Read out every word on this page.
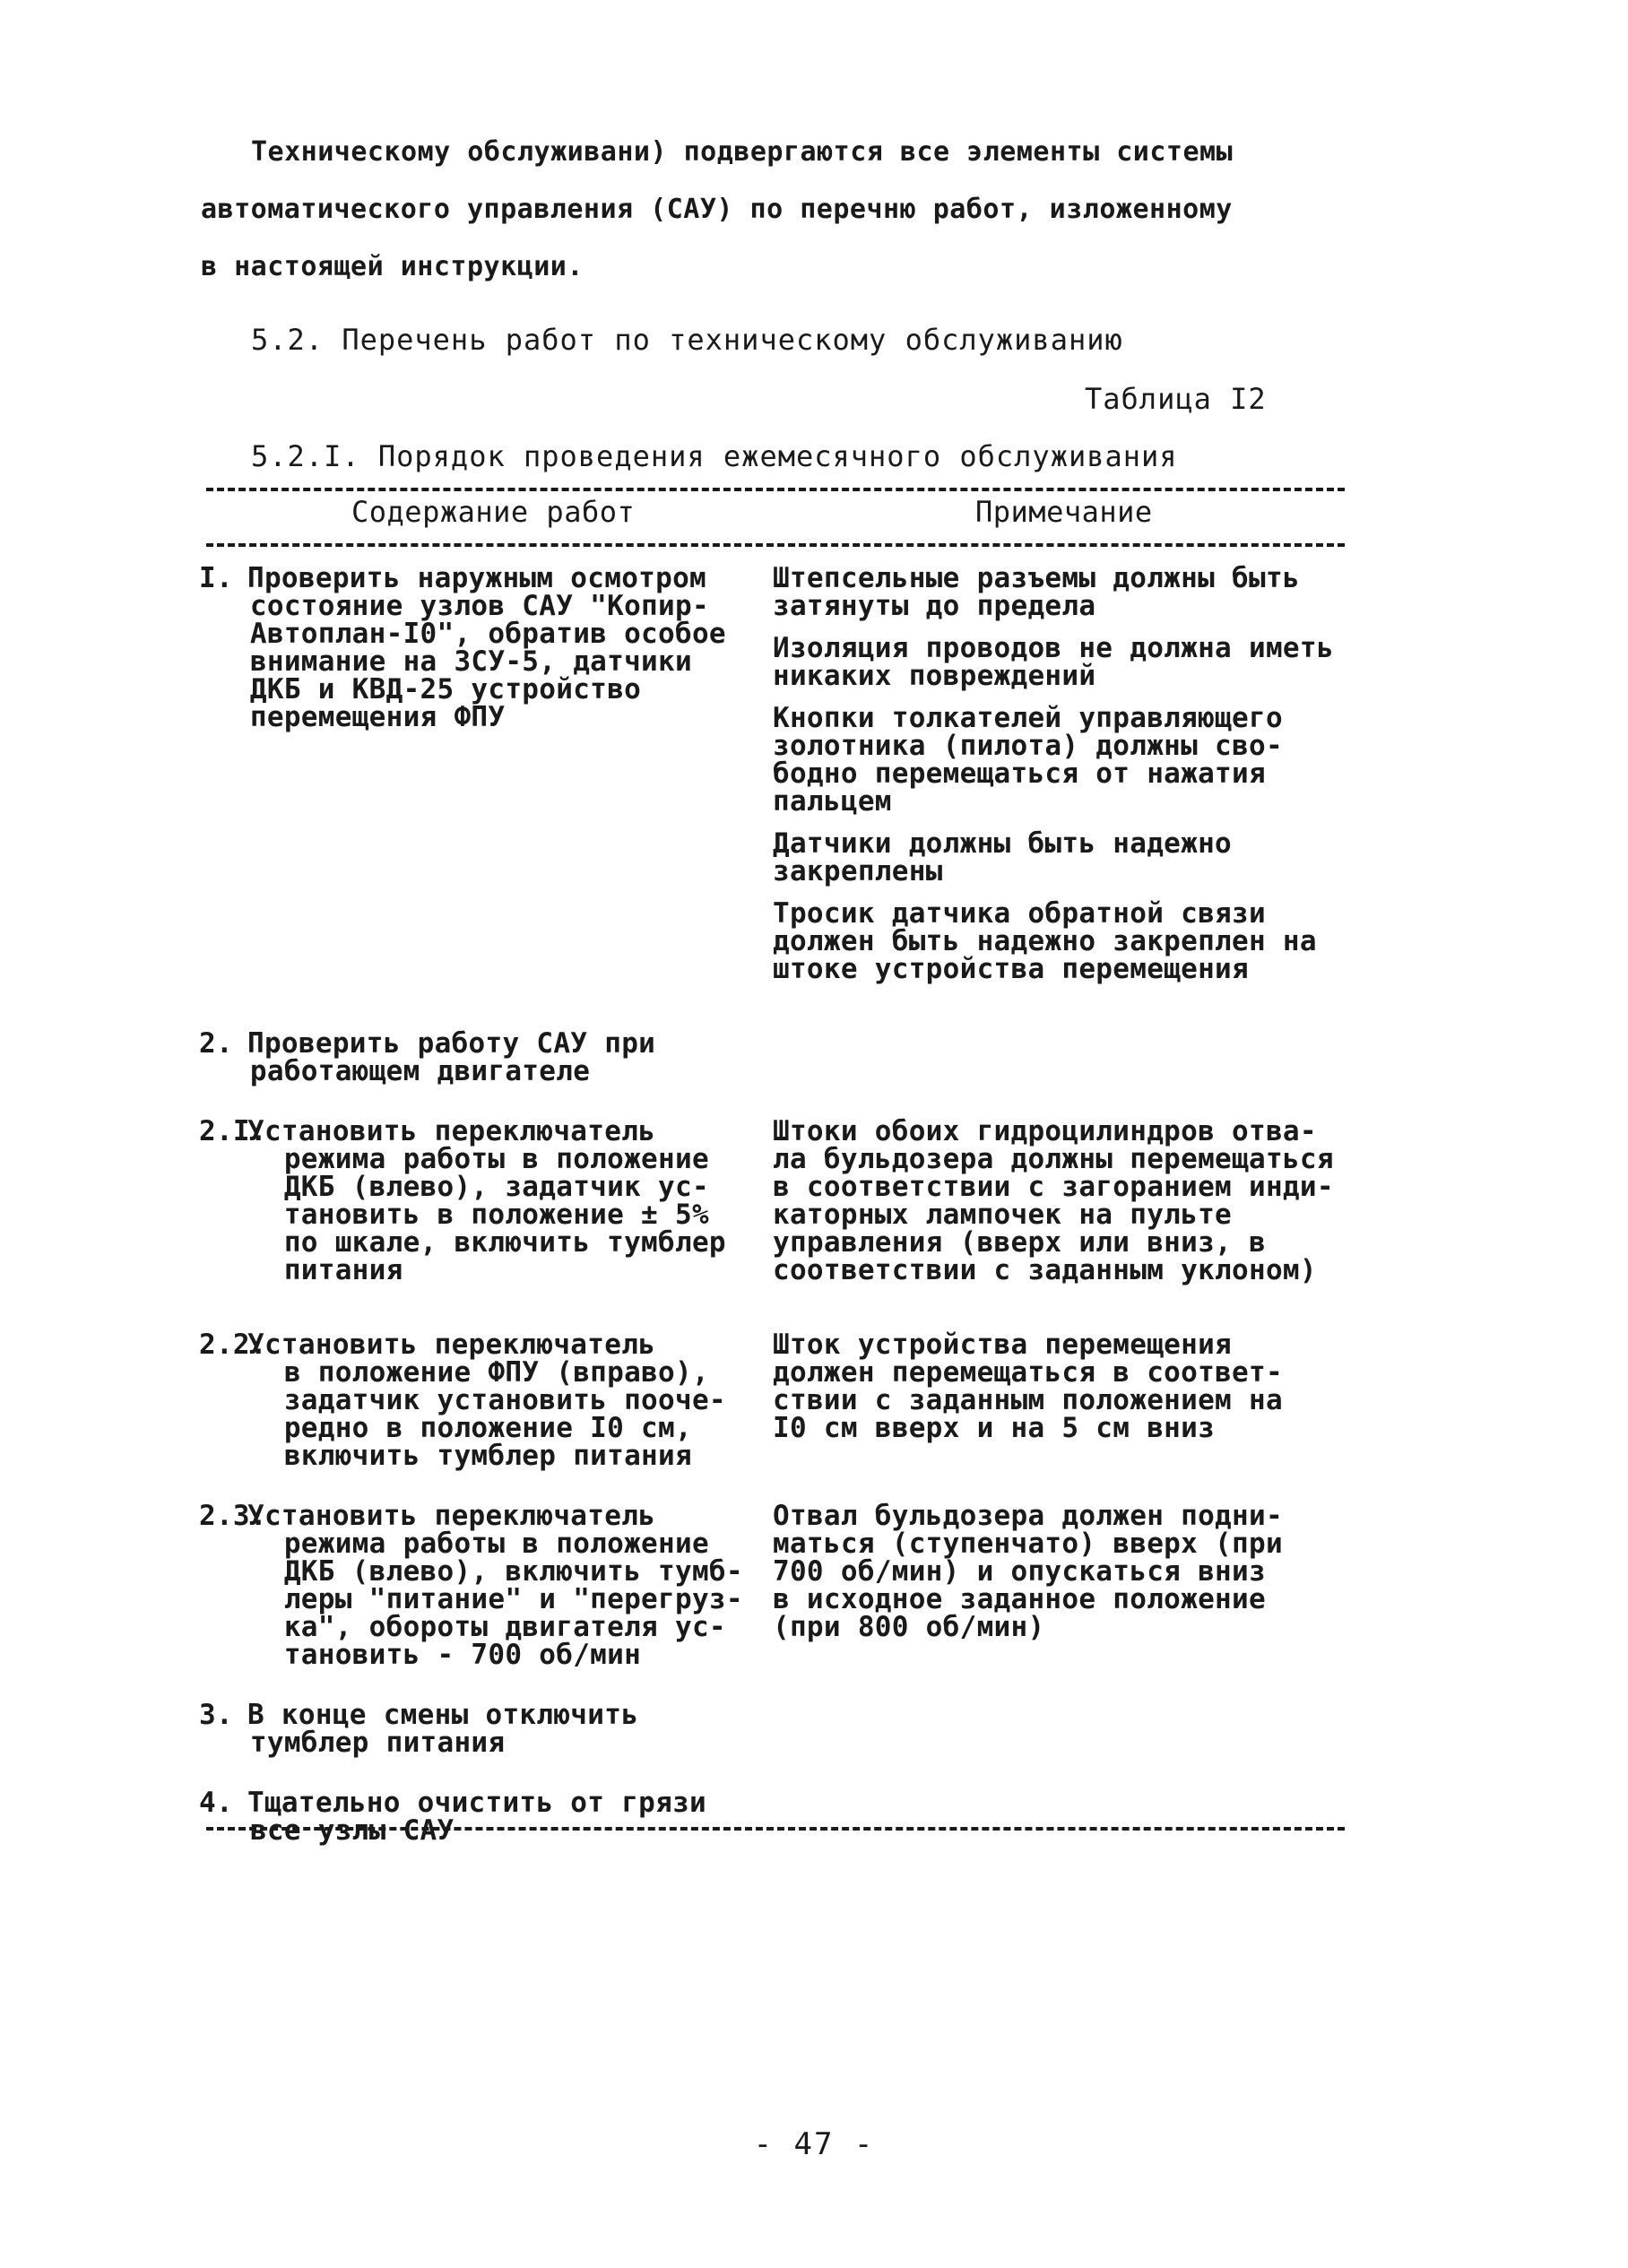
Техническому обслуживани) подвергаются все элементы системы
автоматического управления (САУ) по перечню работ, изложенному
в настоящей инструкции.
5.2. Перечень работ по техническому обслуживанию
Таблица I2
5.2.I. Порядок проведения ежемесячного обслуживания
Содержание работ	Примечание
I. Проверить наружным осмотром
состояние узлов САУ "Копир-
Автоплан-I0", обратив особое
внимание на ЗСУ-5, датчики
ДКБ и КВД-25 устройство
перемещения ФПУ
Штепсельные разъемы должны быть
затянуты до предела
Изоляция проводов не должна иметь
никаких повреждений
Кнопки толкателей управляющего
золотника (пилота) должны сво-
бодно перемещаться от нажатия
пальцем
Датчики должны быть надежно
закреплены
Тросик датчика обратной связи
должен быть надежно закреплен на
штоке устройства перемещения
2. Проверить работу САУ при
работающем двигателе
2.I.Установить переключатель
режима работы в положение
ДКБ (влево), задатчик ус-
тановить в положение ± 5%
по шкале, включить тумблер
питания
Штоки обоих гидроцилиндров отва-
ла бульдозера должны перемещаться
в соответствии с загоранием инди-
каторных лампочек на пульте
управления (вверх или вниз, в
соответствии с заданным уклоном)
2.2.Установить переключатель
в положение ФПУ (вправо),
задатчик установить пооче-
редно в положение I0 см,
включить тумблер питания
Шток устройства перемещения
должен перемещаться в соответ-
ствии с заданным положением на
I0 см вверх и на 5 см вниз
2.3.Установить переключатель
режима работы в положение
ДКБ (влево), включить тумб-
леры "питание" и "перегруз-
ка", обороты двигателя ус-
тановить - 700 об/мин
Отвал бульдозера должен подни-
маться (ступенчато) вверх (при
700 об/мин) и опускаться вниз
в исходное заданное положение
(при 800 об/мин)
3. В конце смены отключить
тумблер питания
4. Тщательно очистить от грязи
все узлы САУ
- 47 -
